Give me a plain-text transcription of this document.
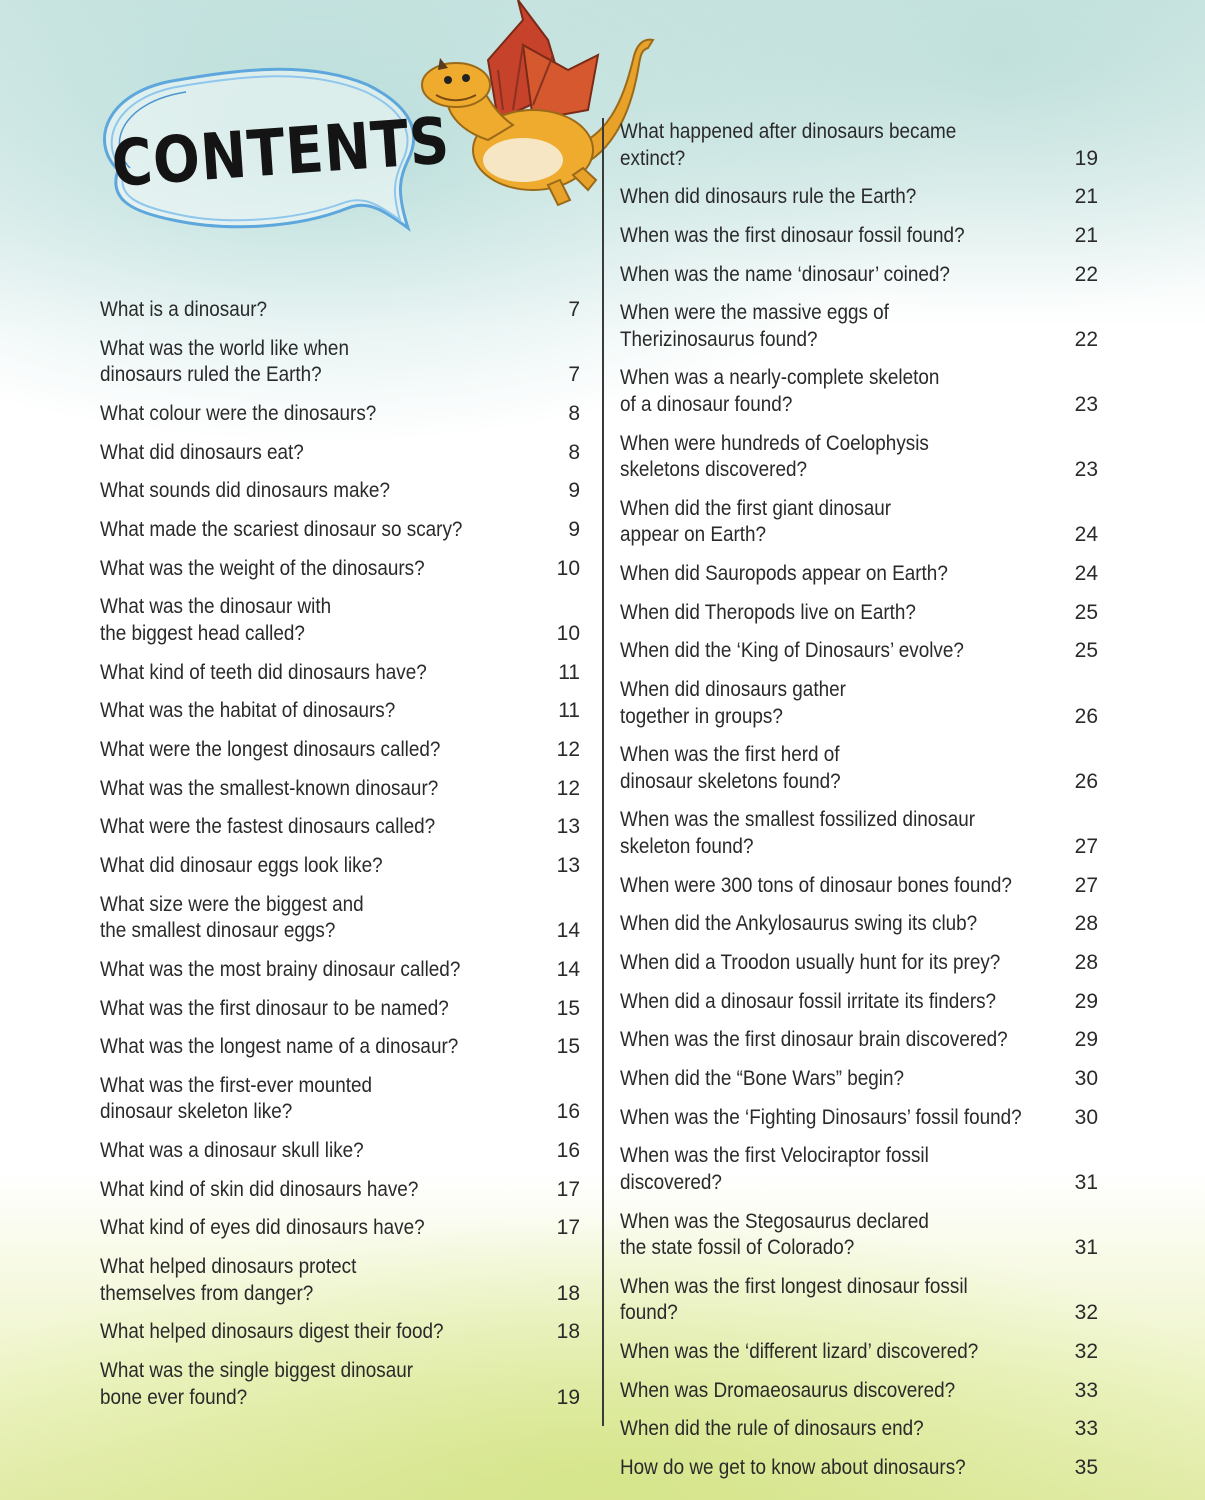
CONTENTS
What is a dinosaur?	7
What was the world like when
dinosaurs ruled the Earth?	7
What colour were the dinosaurs?	8
What did dinosaurs eat?	8
What sounds did dinosaurs make?	9
What made the scariest dinosaur so scary?	9
What was the weight of the dinosaurs?	10
What was the dinosaur with
the biggest head called?	10
What kind of teeth did dinosaurs have?	11
What was the habitat of dinosaurs?	11
What were the longest dinosaurs called?	12
What was the smallest-known dinosaur?	12
What were the fastest dinosaurs called?	13
What did dinosaur eggs look like?	13
What size were the biggest and
the smallest dinosaur eggs?	14
What was the most brainy dinosaur called?	14
What was the first dinosaur to be named?	15
What was the longest name of a dinosaur?	15
What was the first-ever mounted
dinosaur skeleton like?	16
What was a dinosaur skull like?	16
What kind of skin did dinosaurs have?	17
What kind of eyes did dinosaurs have?	17
What helped dinosaurs protect
themselves from danger?	18
What helped dinosaurs digest their food?	18
What was the single biggest dinosaur
bone ever found?	19
What happened after dinosaurs became extinct?	19
When did dinosaurs rule the Earth?	21
When was the first dinosaur fossil found?	21
When was the name ‘dinosaur’ coined?	22
When were the massive eggs of
Therizinosaurus found?	22
When was a nearly-complete skeleton
of a dinosaur found?	23
When were hundreds of Coelophysis
skeletons discovered?	23
When did the first giant dinosaur
appear on Earth?	24
When did Sauropods appear on Earth?	24
When did Theropods live on Earth?	25
When did the ‘King of Dinosaurs’ evolve?	25
When did dinosaurs gather
together in groups?	26
When was the first herd of
dinosaur skeletons found?	26
When was the smallest fossilized dinosaur
skeleton found?	27
When were 300 tons of dinosaur bones found?	27
When did the Ankylosaurus swing its club?	28
When did a Troodon usually hunt for its prey?	28
When did a dinosaur fossil irritate its finders?	29
When was the first dinosaur brain discovered?	29
When did the “Bone Wars” begin?	30
When was the ‘Fighting Dinosaurs’ fossil found?	30
When was the first Velociraptor fossil discovered?	31
When was the Stegosaurus declared
the state fossil of Colorado?	31
When was the first longest dinosaur fossil found?	32
When was the ‘different lizard’ discovered?	32
When was Dromaeosaurus discovered?	33
When did the rule of dinosaurs end?	33
How do we get to know about dinosaurs?	35
